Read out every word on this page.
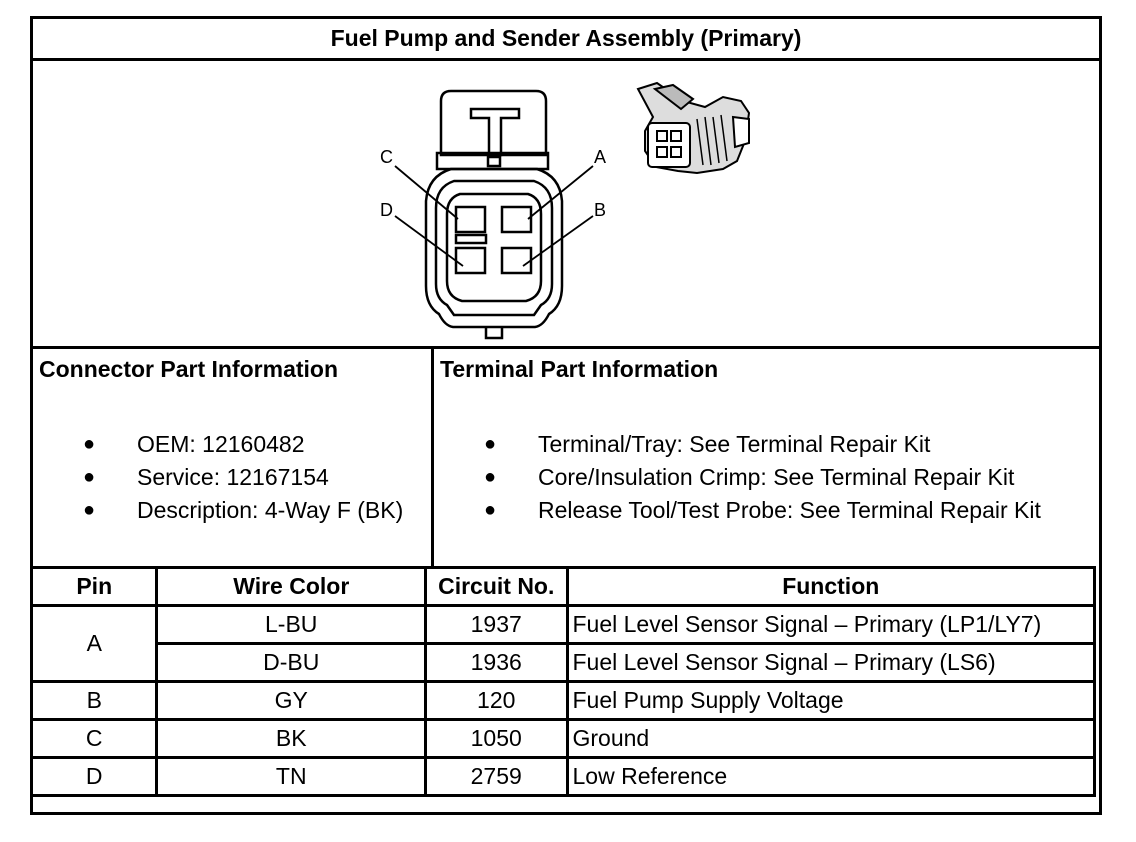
Fuel Pump and Sender Assembly (Primary)
C	A
D	B
Connector Part Information
● OEM: 12160482
● Service: 12167154
● Description: 4-Way F (BK)
Terminal Part Information
● Terminal/Tray: See Terminal Repair Kit
● Core/Insulation Crimp: See Terminal Repair Kit
● Release Tool/Test Probe: See Terminal Repair Kit
Pin	Wire Color	Circuit No.	Function
A	L-BU	1937	Fuel Level Sensor Signal – Primary (LP1/LY7)
	D-BU	1936	Fuel Level Sensor Signal – Primary (LS6)
B	GY	120	Fuel Pump Supply Voltage
C	BK	1050	Ground
D	TN	2759	Low Reference
